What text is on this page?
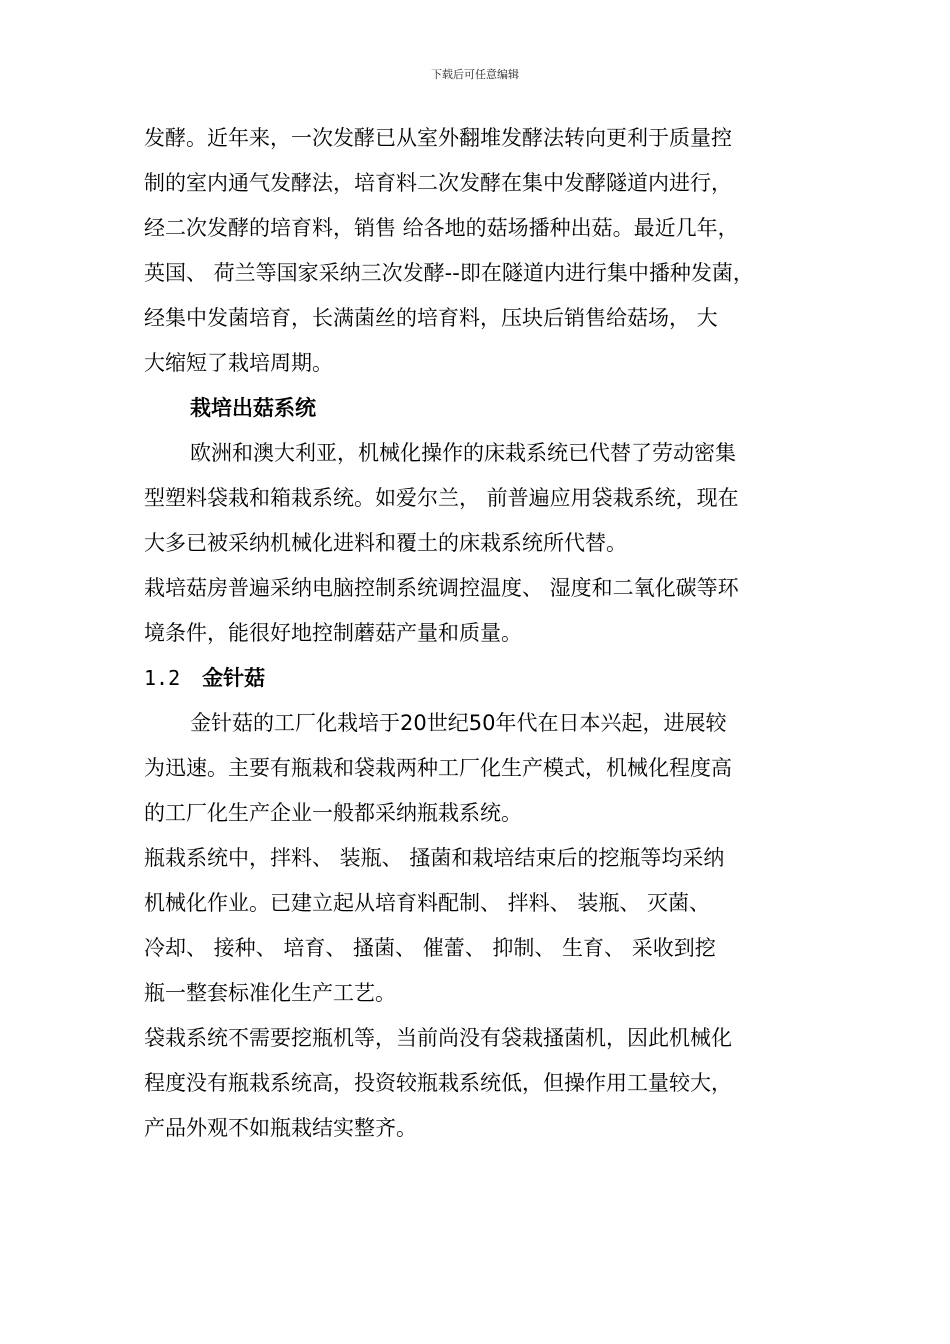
下载后可任意编辑
发酵。近年来，一次发酵已从室外翻堆发酵法转向更利于质量控
制的室内通气发酵法，培育料二次发酵在集中发酵隧道内进行，
经二次发酵的培育料，销售 给各地的菇场播种出菇。最近几年，
英国、 荷兰等国家采纳三次发酵--即在隧道内进行集中播种发菌，
经集中发菌培育，长满菌丝的培育料，压块后销售给菇场， 大
大缩短了栽培周期。
栽培出菇系统
欧洲和澳大利亚，机械化操作的床栽系统已代替了劳动密集
型塑料袋栽和箱栽系统。如爱尔兰， 前普遍应用袋栽系统，现在
大多已被采纳机械化进料和覆土的床栽系统所代替。
栽培菇房普遍采纳电脑控制系统调控温度、 湿度和二氧化碳等环
境条件，能很好地控制蘑菇产量和质量。
1.2 金针菇
金针菇的工厂化栽培于20世纪50年代在日本兴起，进展较
为迅速。主要有瓶栽和袋栽两种工厂化生产模式，机械化程度高
的工厂化生产企业一般都采纳瓶栽系统。
瓶栽系统中，拌料、 装瓶、 搔菌和栽培结束后的挖瓶等均采纳
机械化作业。已建立起从培育料配制、 拌料、 装瓶、 灭菌、
冷却、 接种、 培育、 搔菌、 催蕾、 抑制、 生育、 采收到挖
瓶一整套标准化生产工艺。
袋栽系统不需要挖瓶机等，当前尚没有袋栽搔菌机，因此机械化
程度没有瓶栽系统高，投资较瓶栽系统低，但操作用工量较大，
产品外观不如瓶栽结实整齐。
